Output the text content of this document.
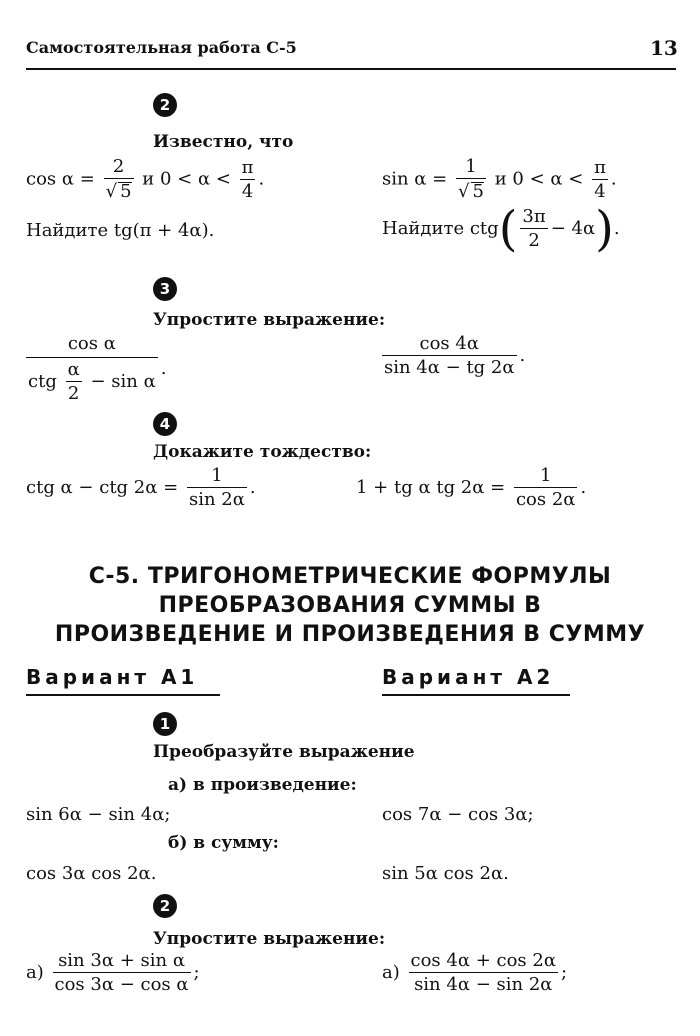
Самостоятельная работа С-5	13
2
Известно, что
$\cos \alpha = \frac{2}{√ 5}$ и $0 < \alpha < \frac{\pi}{4}$ .	$\sin \alpha = \frac{1}{√ 5}$ и $0 < \alpha < \frac{\pi}{4}$ .
Найдите tg(π + 4α).	Найдите $ctg( \frac{3\pi}{2} - 4\alpha)$.
3
Упростите выражение:
$\frac{\text{cos α}}{ctg \frac{\alpha}{2} - \sin \alpha}$ .	$\frac{\cos 4\alpha}{\sin 4\alpha - tg 2\alpha}$ .
4
Докажите тождество:
ctg α − ctg $2\alpha = \frac{1}{\sin 2\alpha}$ .	1 + tg α tg $2\alpha = \frac{1}{\cos 2\alpha}$ .
С-5. ТРИГОНОМЕТРИЧЕСКИЕ ФОРМУЛЫ
ПРЕОБРАЗОВАНИЯ СУММЫ В
ПРОИЗВЕДЕНИЕ И ПРОИЗВЕДЕНИЯ В СУММУ
Вариант А1	Вариант А2
1
Преобразуйте выражение
а) в произведение:
sin 6α − sin 4α;	cos 7α − cos 3α;
б) в сумму:
cos 3α cos 2α.	sin 5α cos 2α.
2
Упростите выражение:
$а) \frac{\text{sin 3α + sin α}}{\text{cos 3α − cos α}}$ ;	$а) \frac{\cos 4\alpha + \cos 2\alpha}{\sin 4\alpha - \sin 2\alpha}$ ;
